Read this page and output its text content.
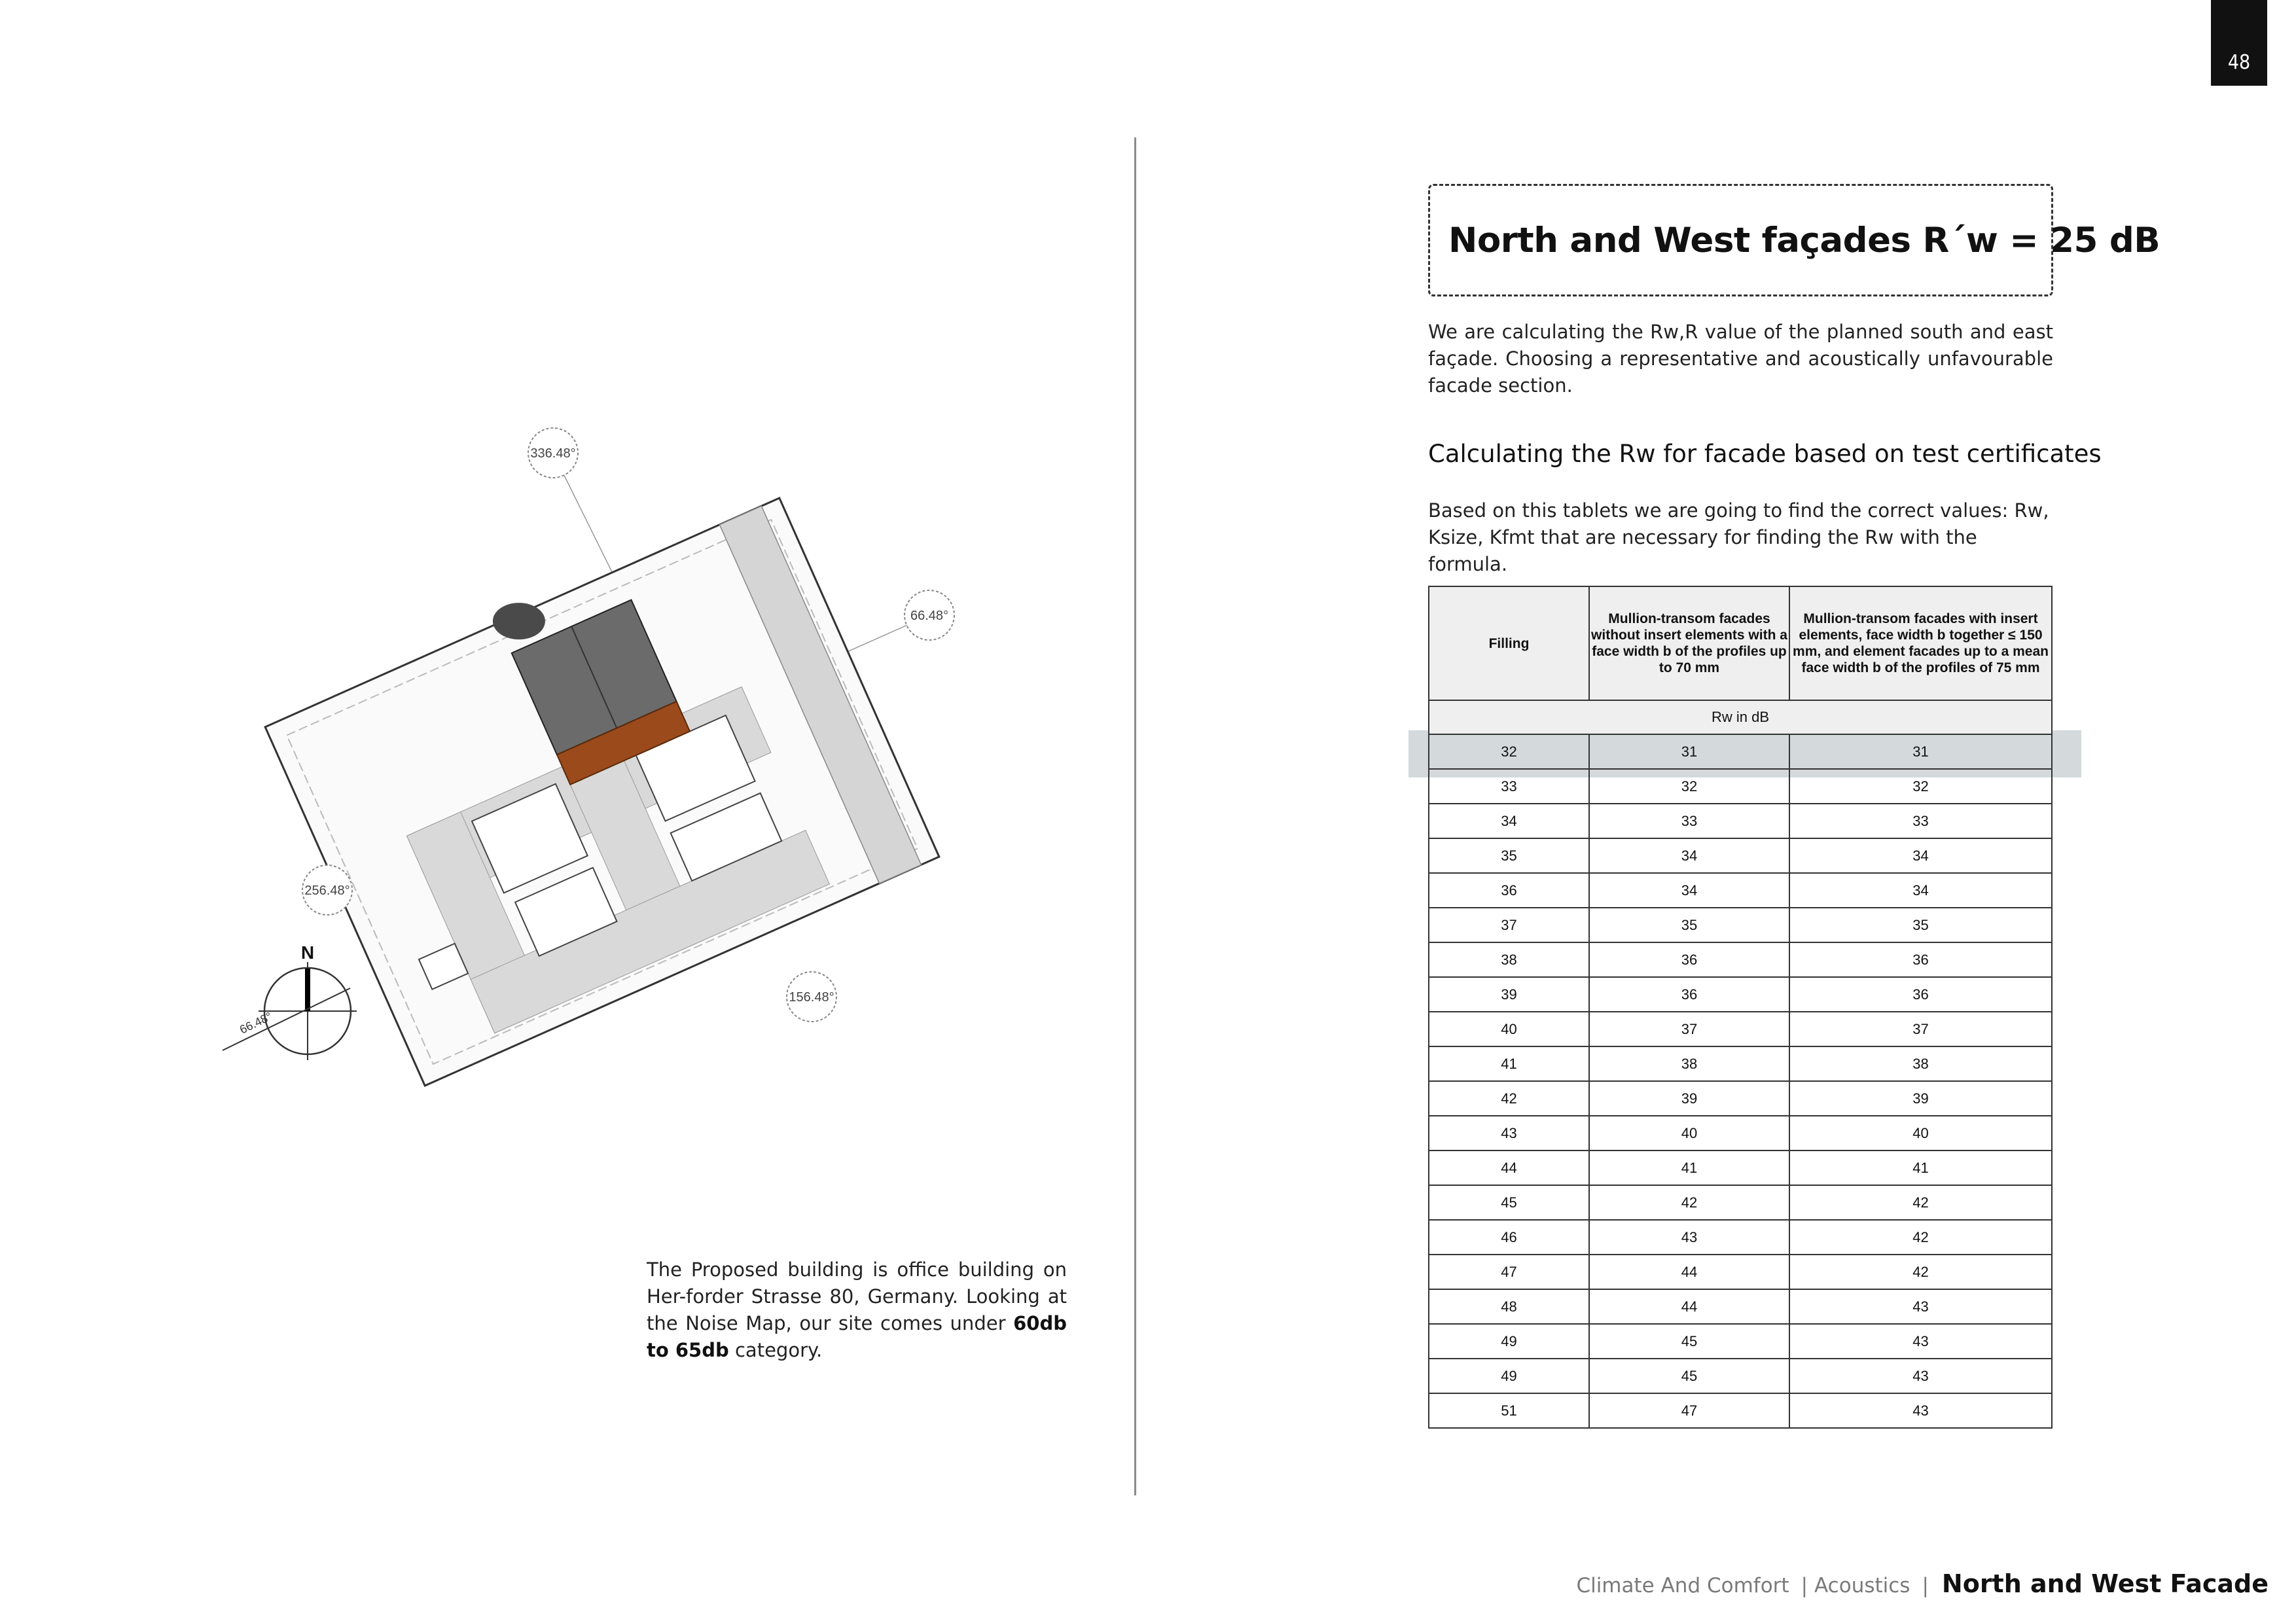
48
336.48°
66.48°
256.48°
156.48°
N
66.48°
The Proposed building is office building on Her-forder Strasse 80, Germany. Looking at the Noise Map, our site comes under 60db to 65db category.
North and West façades R´w = 25 dB
We are calculating the Rw,R value of the planned south and east façade. Choosing a representative and acoustically unfavourable facade section.
Calculating the Rw for facade based on test certificates
Based on this tablets we are going to find the correct values: Rw, Ksize, Kfmt that are necessary for finding the Rw with the formula.
Filling	Mullion-transom facades without insert elements with a face width b of the profiles up to 70 mm	Mullion-transom facades with insert elements, face width b together ≤ 150 mm, and element facades up to a mean face width b of the profiles of 75 mm
Rw in dB		
32	31	31
33	32	32
34	33	33
35	34	34
36	34	34
37	35	35
38	36	36
39	36	36
40	37	37
41	38	38
42	39	39
43	40	40
44	41	41
45	42	42
46	43	42
47	44	42
48	44	43
49	45	43
49	45	43
51	47	43
Climate And Comfort | Acoustics | North and West Facade
